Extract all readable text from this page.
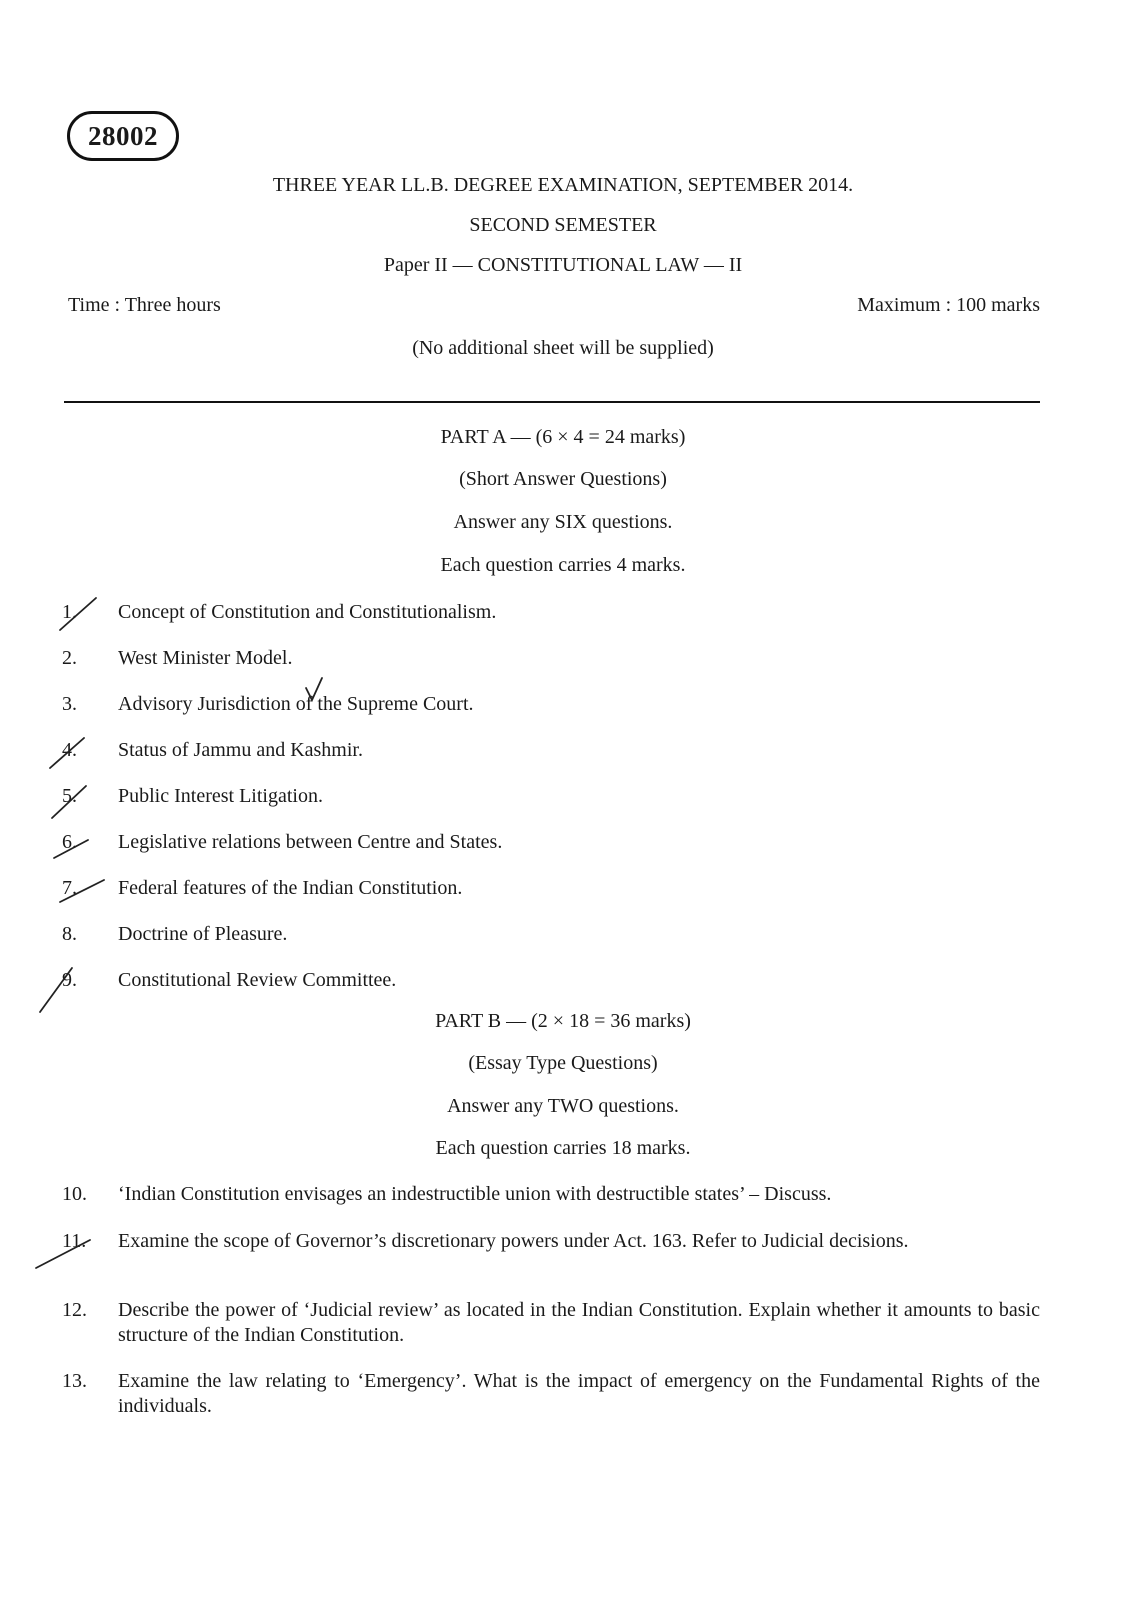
28002
THREE YEAR LL.B. DEGREE EXAMINATION, SEPTEMBER 2014.
SECOND SEMESTER
Paper II — CONSTITUTIONAL LAW — II
Time : Three hours	Maximum : 100 marks
(No additional sheet will be supplied)
PART A — (6 × 4 = 24 marks)
(Short Answer Questions)
Answer any SIX questions.
Each question carries 4 marks.
1.	Concept of Constitution and Constitutionalism.
2.	West Minister Model.
3.	Advisory Jurisdiction of the Supreme Court.
4.	Status of Jammu and Kashmir.
5.	Public Interest Litigation.
6.	Legislative relations between Centre and States.
7.	Federal features of the Indian Constitution.
8.	Doctrine of Pleasure.
9.	Constitutional Review Committee.
PART B — (2 × 18 = 36 marks)
(Essay Type Questions)
Answer any TWO questions.
Each question carries 18 marks.
10.	‘Indian Constitution envisages an indestructible union with destructible states’ – Discuss.
11.	Examine the scope of Governor’s discretionary powers under Act. 163. Refer to Judicial decisions.
12.	Describe the power of ‘Judicial review’ as located in the Indian Constitution. Explain whether it amounts to basic structure of the Indian Constitution.
13.	Examine the law relating to ‘Emergency’. What is the impact of emergency on the Fundamental Rights of the individuals.
